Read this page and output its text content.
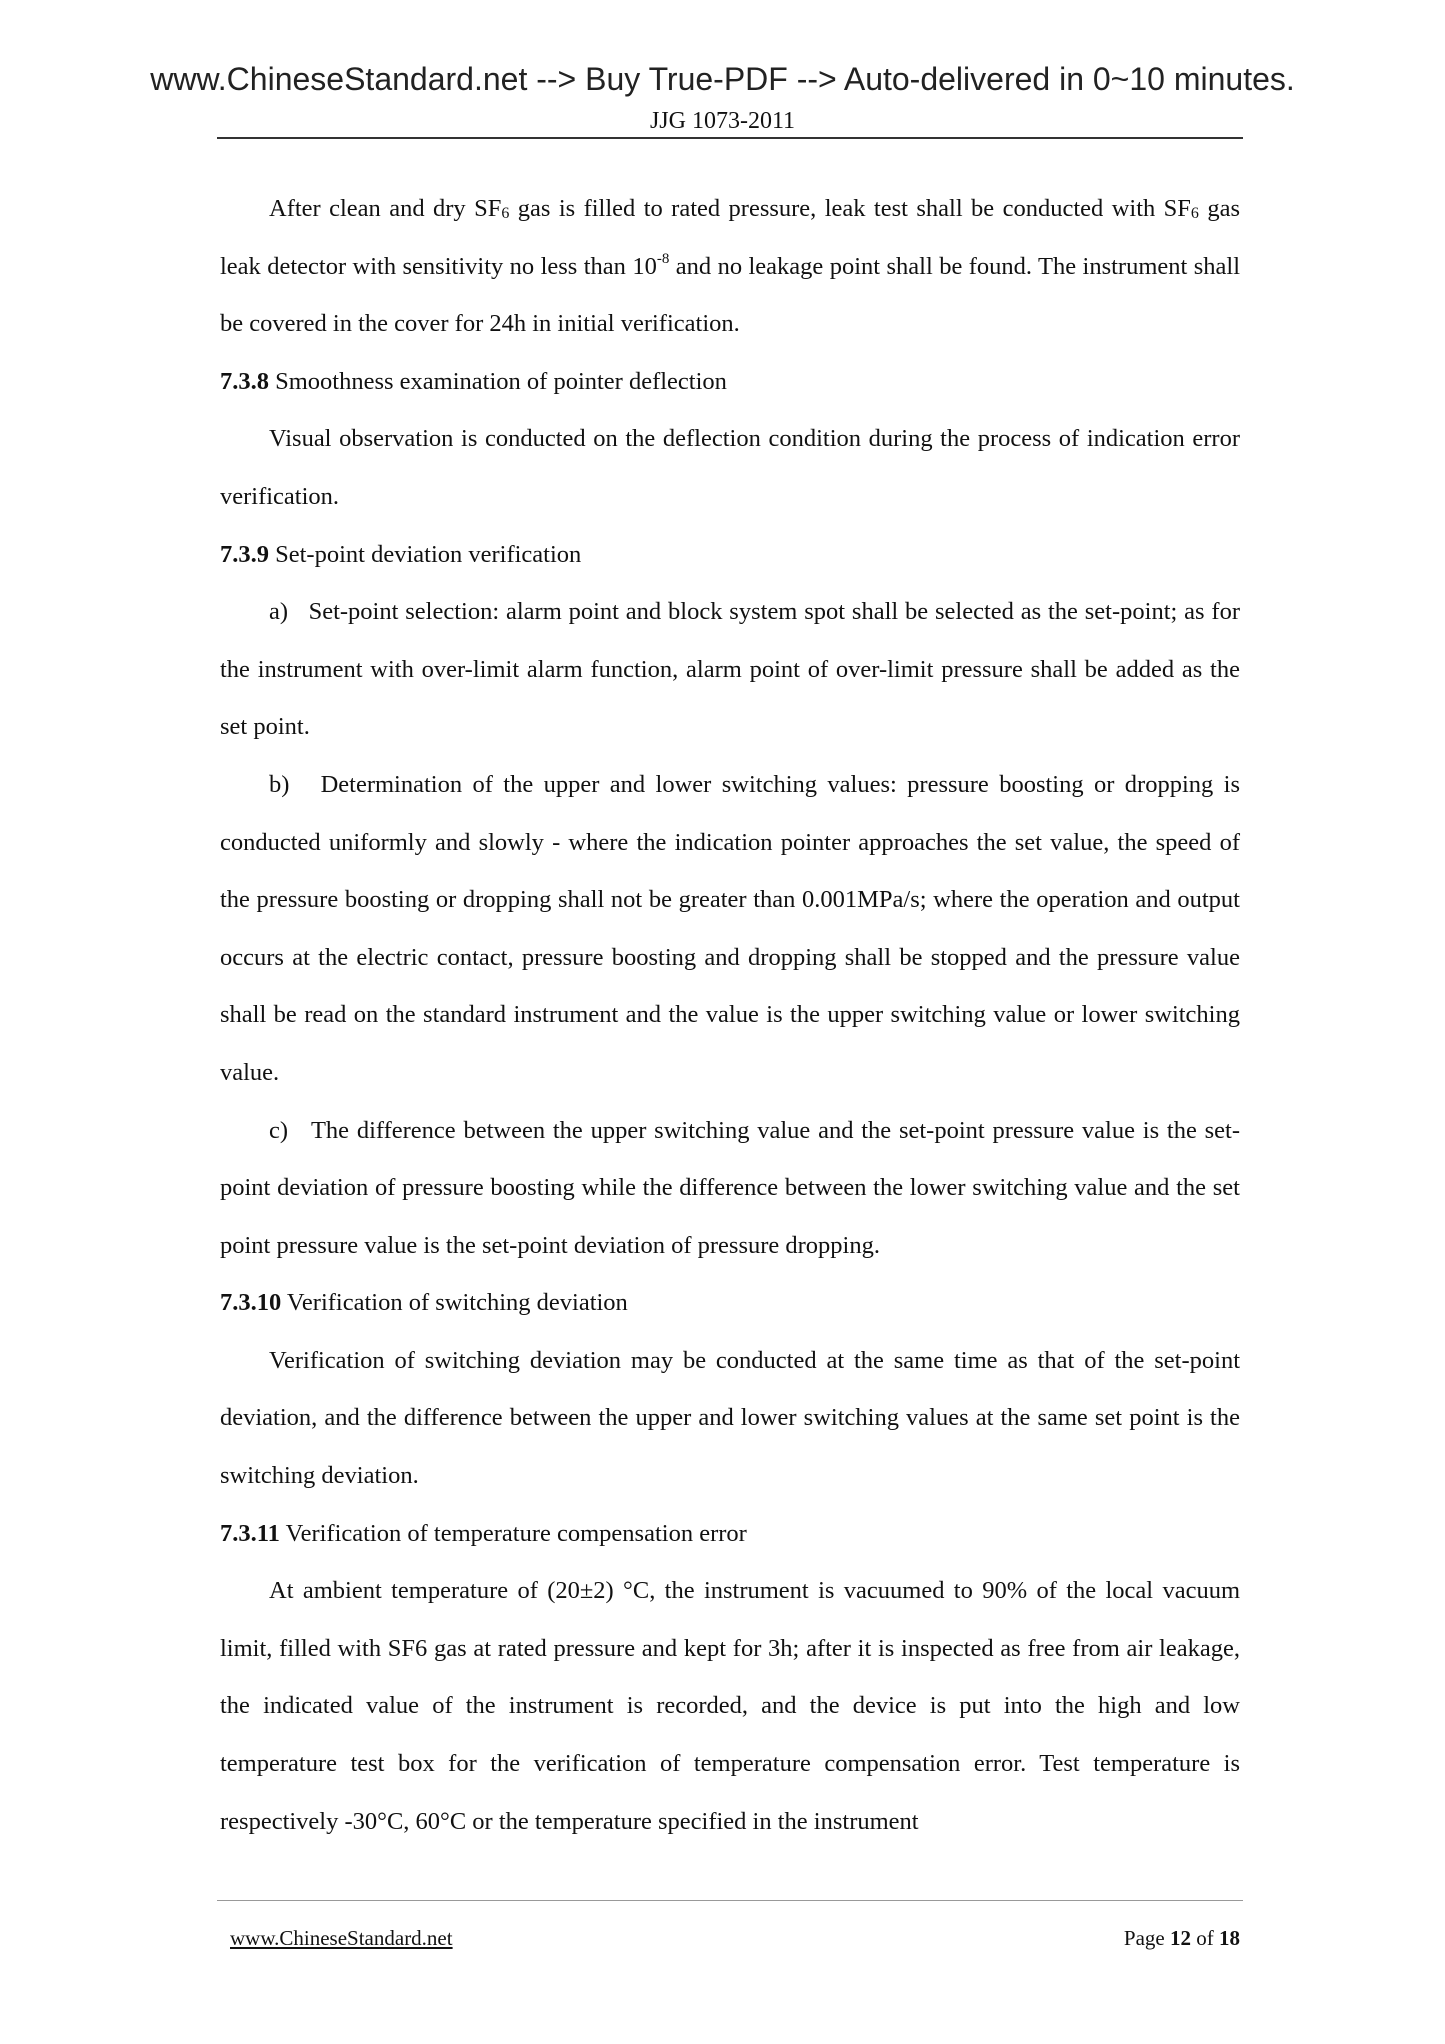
www.ChineseStandard.net --> Buy True-PDF --> Auto-delivered in 0~10 minutes.
JJG 1073-2011

After clean and dry SF6 gas is filled to rated pressure, leak test shall be conducted with SF6 gas leak detector with sensitivity no less than $10^{-8}$ and no leakage point shall be found. The instrument shall be covered in the cover for 24h in initial verification.

7.3.8 Smoothness examination of pointer deflection

Visual observation is conducted on the deflection condition during the process of indication error verification.

7.3.9 Set-point deviation verification

a)   Set-point selection: alarm point and block system spot shall be selected as the set-point; as for the instrument with over-limit alarm function, alarm point of over-limit pressure shall be added as the set point.

b)   Determination of the upper and lower switching values: pressure boosting or dropping is conducted uniformly and slowly - where the indication pointer approaches the set value, the speed of the pressure boosting or dropping shall not be greater than 0.001MPa/s; where the operation and output occurs at the electric contact, pressure boosting and dropping shall be stopped and the pressure value shall be read on the standard instrument and the value is the upper switching value or lower switching value.

c)   The difference between the upper switching value and the set-point pressure value is the set-point deviation of pressure boosting while the difference between the lower switching value and the set point pressure value is the set-point deviation of pressure dropping.

7.3.10 Verification of switching deviation

Verification of switching deviation may be conducted at the same time as that of the set-point deviation, and the difference between the upper and lower switching values at the same set point is the switching deviation.

7.3.11 Verification of temperature compensation error

At ambient temperature of (20±2) °C, the instrument is vacuumed to 90% of the local vacuum limit, filled with SF6 gas at rated pressure and kept for 3h; after it is inspected as free from air leakage, the indicated value of the instrument is recorded, and the device is put into the high and low temperature test box for the verification of temperature compensation error. Test temperature is respectively -30°C, 60°C or the temperature specified in the instrument

www.ChineseStandard.net	Page 12 of 18
